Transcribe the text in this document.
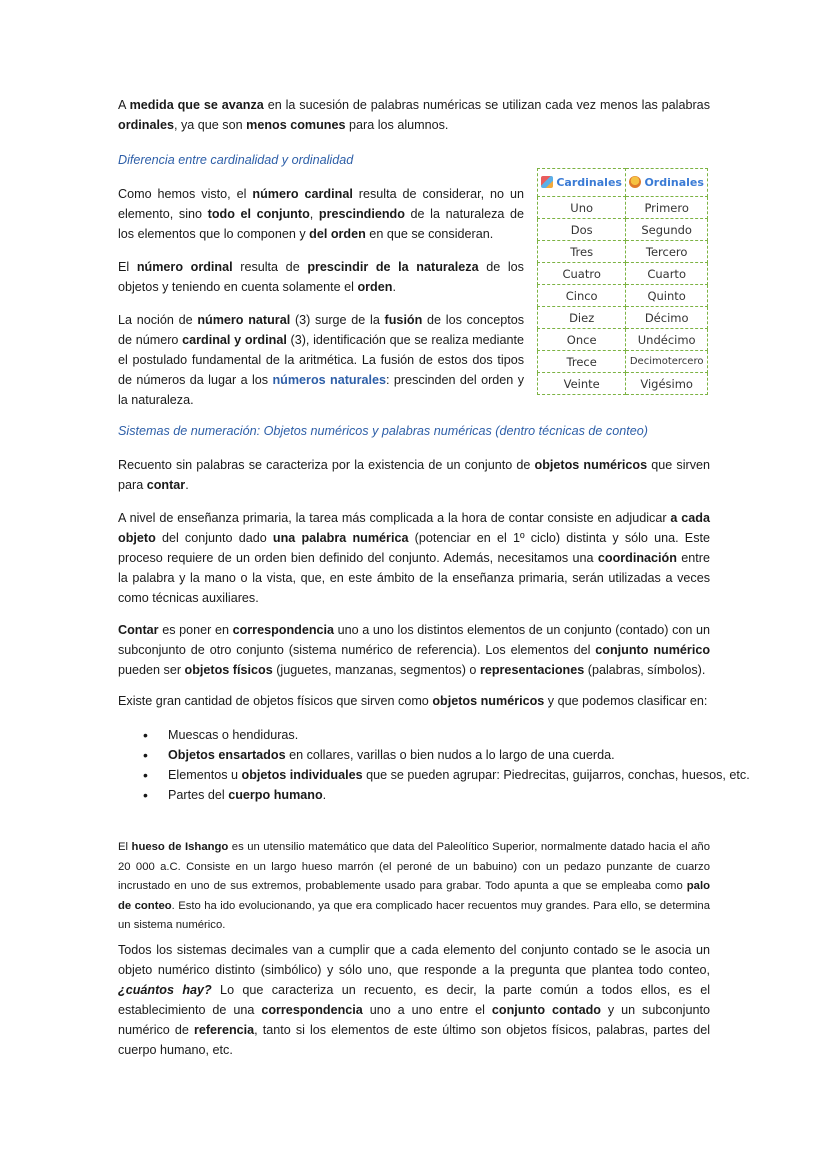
A medida que se avanza en la sucesión de palabras numéricas se utilizan cada vez menos las palabras ordinales, ya que son menos comunes para los alumnos.

Diferencia entre cardinalidad y ordinalidad

Como hemos visto, el número cardinal resulta de considerar, no un elemento, sino todo el conjunto, prescindiendo de la naturaleza de los elementos que lo componen y del orden en que se consideran.

El número ordinal resulta de prescindir de la naturaleza de los objetos y teniendo en cuenta solamente el orden.

La noción de número natural (3) surge de la fusión de los conceptos de número cardinal y ordinal (3), identificación que se realiza mediante el postulado fundamental de la aritmética. La fusión de estos dos tipos de números da lugar a los números naturales: prescinden del orden y la naturaleza.

Sistemas de numeración: Objetos numéricos y palabras numéricas (dentro técnicas de conteo)

Recuento sin palabras se caracteriza por la existencia de un conjunto de objetos numéricos que sirven para contar.

A nivel de enseñanza primaria, la tarea más complicada a la hora de contar consiste en adjudicar a cada objeto del conjunto dado una palabra numérica (potenciar en el 1º ciclo) distinta y sólo una. Este proceso requiere de un orden bien definido del conjunto. Además, necesitamos una coordinación entre la palabra y la mano o la vista, que, en este ámbito de la enseñanza primaria, serán utilizadas a veces como técnicas auxiliares.

Contar es poner en correspondencia uno a uno los distintos elementos de un conjunto (contado) con un subconjunto de otro conjunto (sistema numérico de referencia). Los elementos del conjunto numérico pueden ser objetos físicos (juguetes, manzanas, segmentos) o representaciones (palabras, símbolos).

Existe gran cantidad de objetos físicos que sirven como objetos numéricos y que podemos clasificar en:

• Muescas o hendiduras.
• Objetos ensartados en collares, varillas o bien nudos a lo largo de una cuerda.
• Elementos u objetos individuales que se pueden agrupar: Piedrecitas, guijarros, conchas, huesos, etc.
• Partes del cuerpo humano.

El hueso de Ishango es un utensilio matemático que data del Paleolítico Superior, normalmente datado hacia el año 20 000 a.C. Consiste en un largo hueso marrón (el peroné de un babuino) con un pedazo punzante de cuarzo incrustado en uno de sus extremos, probablemente usado para grabar. Todo apunta a que se empleaba como palo de conteo. Esto ha ido evolucionando, ya que era complicado hacer recuentos muy grandes. Para ello, se determina un sistema numérico.

Todos los sistemas decimales van a cumplir que a cada elemento del conjunto contado se le asocia un objeto numérico distinto (simbólico) y sólo uno, que responde a la pregunta que plantea todo conteo, ¿cuántos hay? Lo que caracteriza un recuento, es decir, la parte común a todos ellos, es el establecimiento de una correspondencia uno a uno entre el conjunto contado y un subconjunto numérico de referencia, tanto si los elementos de este último son objetos físicos, palabras, partes del cuerpo humano, etc.

Cardinales	Ordinales
Uno	Primero
Dos	Segundo
Tres	Tercero
Cuatro	Cuarto
Cinco	Quinto
Diez	Décimo
Once	Undécimo
Trece	Decimotercero
Veinte	Vigésimo
